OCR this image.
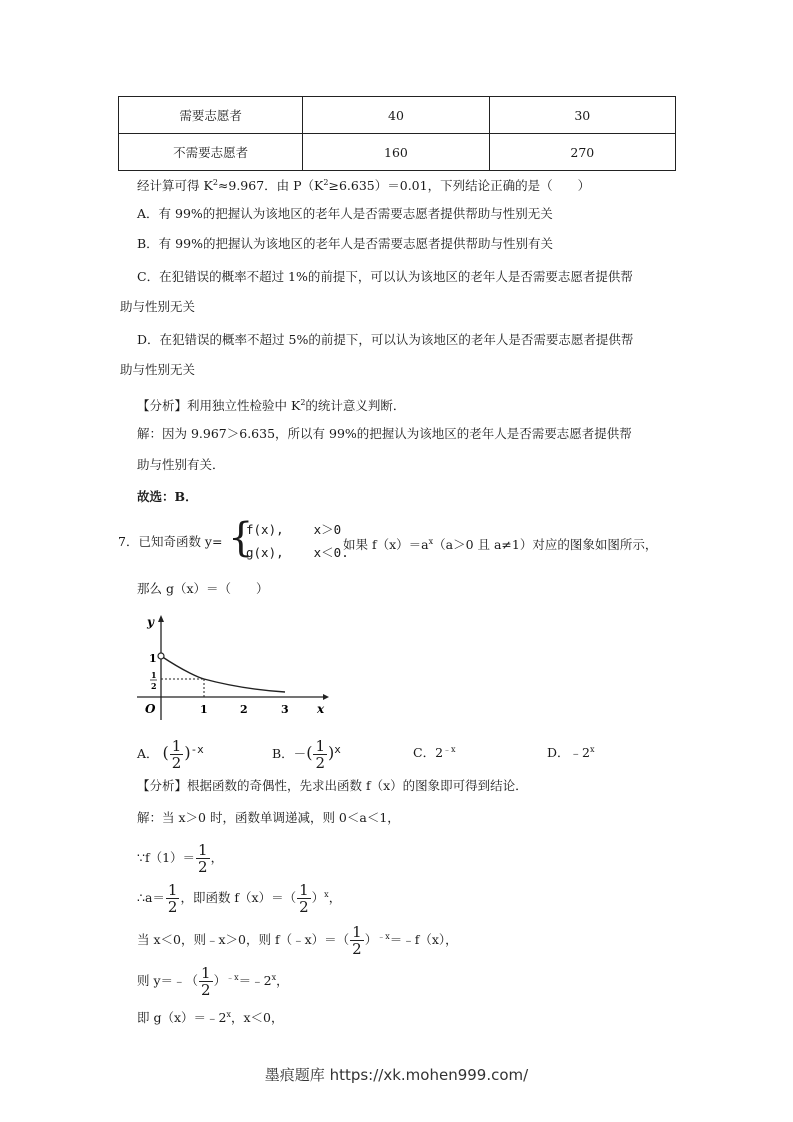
需要志愿者	40	30
不需要志愿者	160	270
经计算可得 $K^2\approx 9.967$．由 $P(K^2\ge 6.635)=0.01$，下列结论正确的是（　　）
A．有 99%的把握认为该地区的老年人是否需要志愿者提供帮助与性别无关
B．有 99%的把握认为该地区的老年人是否需要志愿者提供帮助与性别有关
C．在犯错误的概率不超过 1%的前提下，可以认为该地区的老年人是否需要志愿者提供帮
助与性别无关
D．在犯错误的概率不超过 5%的前提下，可以认为该地区的老年人是否需要志愿者提供帮
助与性别无关
【分析】利用独立性检验中 $K^2$的统计意义判断．
解：因为 9.967＞6.635，所以有 99%的把握认为该地区的老年人是否需要志愿者提供帮
助与性别有关．
故选：B．
7．已知奇函数 y= {
f(x), x＞0
g(x), x＜0.
如果 $f(x)=a^x(a>0$ 且 a≠1）对应的图象如图所示，
那么 g（x）＝（　　）
y
x
O
1
1
2
1	2	3
A． ( $\frac{1}{2} )-x$	B．－( $\frac{1}{2} )x$	C．$2^{﹣x}$	D．﹣2$^x$
【分析】根据函数的奇偶性，先求出函数 f（x）的图象即可得到结论．
解：当 x＞0 时，函数单调递减，则 0＜a＜1，
∵f（1）＝ $\frac{1}{2}$ ，
∴a＝ $\frac{1}{2}$ ，即函数 $f(x)=( \frac{1}{2} )^x$，
当 x＜0，则﹣x＞0，则 f（﹣x）＝（ $\frac{1}{2}$ ）$^{﹣x}$＝﹣f（x），
则 y＝﹣（ $\frac{1}{2}$ ）$^{﹣x}=﹣2^x$，
即 $g(x)=﹣2^x$，x＜0，
墨痕题库 https://xk.mohen999.com/
